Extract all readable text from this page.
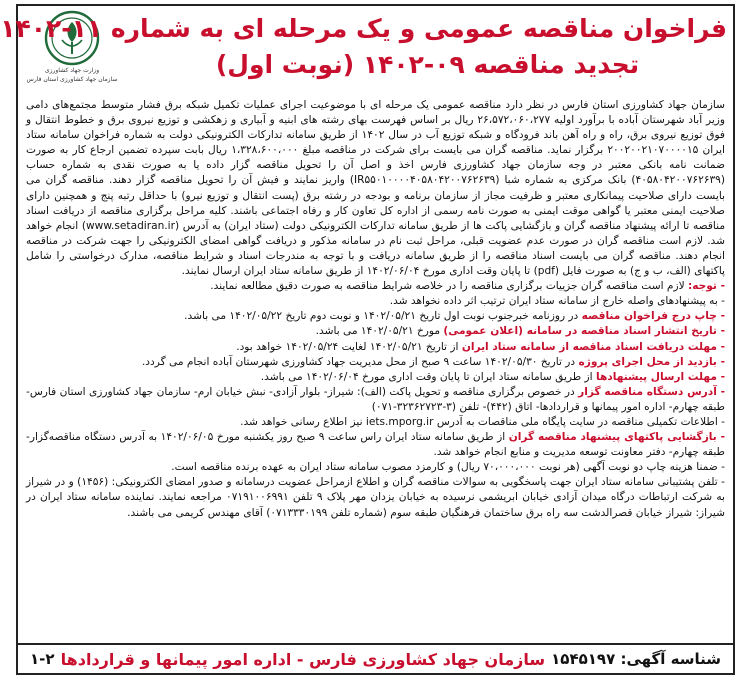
وزارت جهاد کشاورزی
سازمان جهاد کشاورزی استان فارس
فراخوان مناقصه عمومی و یک مرحله ای به شماره ۱۱-۱۴۰۲
تجدید مناقصه ۰۹-۱۴۰۲ (نوبت اول)

سازمان جهاد کشاورزی استان فارس در نظر دارد مناقصه عمومی یک مرحله ای با موضوعیت اجرای عملیات تکمیل شبکه برق فشار متوسط مجتمع‌های دامی وزیر آباد شهرستان آباده با برآورد اولیه ۲۶،۵۷۲،۰۶۰،۲۷۷ ریال بر اساس فهرست بهای رشته های ابنیه و آبیاری و زهکشی و توزیع نیروی برق و خطوط انتقال و فوق توزیع نیروی برق، راه و راه آهن باند فرودگاه و شبکه توزیع آب در سال ۱۴۰۲ از طریق سامانه تدارکات الکترونیکی دولت به شماره فراخوان سامانه ستاد ایران ۲۰۰۲۰۰۲۱۰۷۰۰۰۰۱۵ برگزار نماید. مناقصه گران می بایست برای شرکت در مناقصه مبلغ ۱،۳۲۸،۶۰۰،۰۰۰ ریال بابت سپرده تضمین ارجاع کار به صورت ضمانت نامه بانکی معتبر در وجه سازمان جهاد کشاورزی فارس اخذ و اصل آن را تحویل مناقصه گزار داده یا به صورت نقدی به شماره حساب (۴۰۵۸۰۴۲۰۰۷۶۲۶۳۹) بانک مرکزی به شماره شبا (IR۵۵۰۱۰۰۰۰۴۰۵۸۰۴۲۰۰۷۶۲۶۳۹) واریز نمایند و فیش آن را تحویل مناقصه گزار دهند. مناقصه گران می بایست دارای صلاحیت پیمانکاری معتبر و ظرفیت مجاز از سازمان برنامه و بودجه در رشته برق (پست انتقال و توزیع نیرو) با حداقل رتبه پنج و همچنین دارای صلاحیت ایمنی معتبر یا گواهی موقت ایمنی به صورت نامه رسمی از اداره کل تعاون کار و رفاه اجتماعی باشند. کلیه مراحل برگزاری مناقصه از دریافت اسناد مناقصه تا ارائه پیشنهاد مناقصه گران و بازگشایی پاکت ها از طریق سامانه تدارکات الکترونیکی دولت (ستاد ایران) به آدرس (www.setadiran.ir) انجام خواهد شد. لازم است مناقصه گران در صورت عدم عضویت قبلی، مراحل ثبت نام در سامانه مذکور و دریافت گواهی امضای الکترونیکی را جهت شرکت در مناقصه انجام دهند. مناقصه گران می بایست اسناد مناقصه را از طریق سامانه دریافت و با توجه به مندرجات اسناد و شرایط مناقصه، مدارک درخواستی را شامل پاکتهای (الف، ب و ج) به صورت فایل (pdf) تا پایان وقت اداری مورخ ۱۴۰۲/۰۶/۰۴ از طریق سامانه ستاد ایران ارسال نمایند.

- توجه: لازم است مناقصه گران جزییات برگزاری مناقصه را در خلاصه شرایط مناقصه به صورت دقیق مطالعه نمایند.
- به پیشنهادهای واصله خارج از سامانه ستاد ایران ترتیب اثر داده نخواهد شد.
- چاپ درج فراخوان مناقصه در روزنامه خبرجنوب نوبت اول تاریخ ۱۴۰۲/۰۵/۲۱ و نوبت دوم تاریخ ۱۴۰۲/۰۵/۲۲ می باشد.
- تاریخ انتشار اسناد مناقصه در سامانه (اعلان عمومی) مورخ ۱۴۰۲/۰۵/۲۱ می باشد.
- مهلت دریافت اسناد مناقصه از سامانه ستاد ایران از تاریخ ۱۴۰۲/۰۵/۲۱ لغایت ۱۴۰۲/۰۵/۲۴ خواهد بود.
- بازدید از محل اجرای پروژه در تاریخ ۱۴۰۲/۰۵/۳۰ ساعت ۹ صبح از محل مدیریت جهاد کشاورزی شهرستان آباده انجام می گردد.
- مهلت ارسال پیشنهادها از طریق سامانه ستاد ایران تا پایان وقت اداری مورخ ۱۴۰۲/۰۶/۰۴ می باشد.
- آدرس دستگاه مناقصه گزار در خصوص برگزاری مناقصه و تحویل پاکت (الف): شیراز- بلوار آزادی- نبش خیابان ارم- سازمان جهاد کشاورزی استان فارس- طبقه چهارم- اداره امور پیمانها و قراردادها- اتاق (۴۴۲)- تلفن (۳-۳۲۳۶۲۷۲۳-۰۷۱)
- اطلاعات تکمیلی مناقصه در سایت پایگاه ملی مناقصات به آدرس iets.mporg.ir نیز اطلاع رسانی خواهد شد.
- بازگشایی پاکتهای پیشنهاد مناقصه گران از طریق سامانه ستاد ایران راس ساعت ۹ صبح روز یکشنبه مورخ ۱۴۰۲/۰۶/۰۵ به آدرس دستگاه مناقصه‌گزار- طبقه چهارم- دفتر معاونت توسعه مدیریت و منابع انجام خواهد شد.
- ضمنا هزینه چاپ دو نوبت آگهی (هر نوبت ۷۰،۰۰۰،۰۰۰ ریال) و کارمزد مصوب سامانه ستاد ایران به عهده برنده مناقصه است.
- تلفن پشتیبانی سامانه ستاد ایران جهت پاسخگویی به سوالات مناقصه گران و اطلاع ازمراحل عضویت درسامانه و صدور امضای الکترونیکی: (۱۴۵۶) و در شیراز به شرکت ارتباطات درگاه میدان آزادی خیابان ابریشمی نرسیده به خیابان یزدان مهر پلاک ۹ تلفن ۰۷۱۹۱۰۰۶۹۹۱ مراجعه نمایند. نماینده سامانه ستاد ایران در شیراز: شیراز خیابان قصرالدشت سه راه برق ساختمان فرهنگیان طبقه سوم (شماره تلفن ۰۷۱۳۳۳۰۱۹۹) آقای مهندس کریمی می باشند.
شناسه آگهی: ۱۵۴۵۱۹۷
سازمان جهاد کشاورزی فارس - اداره امور پیمانها و قراردادها
۱-۲
